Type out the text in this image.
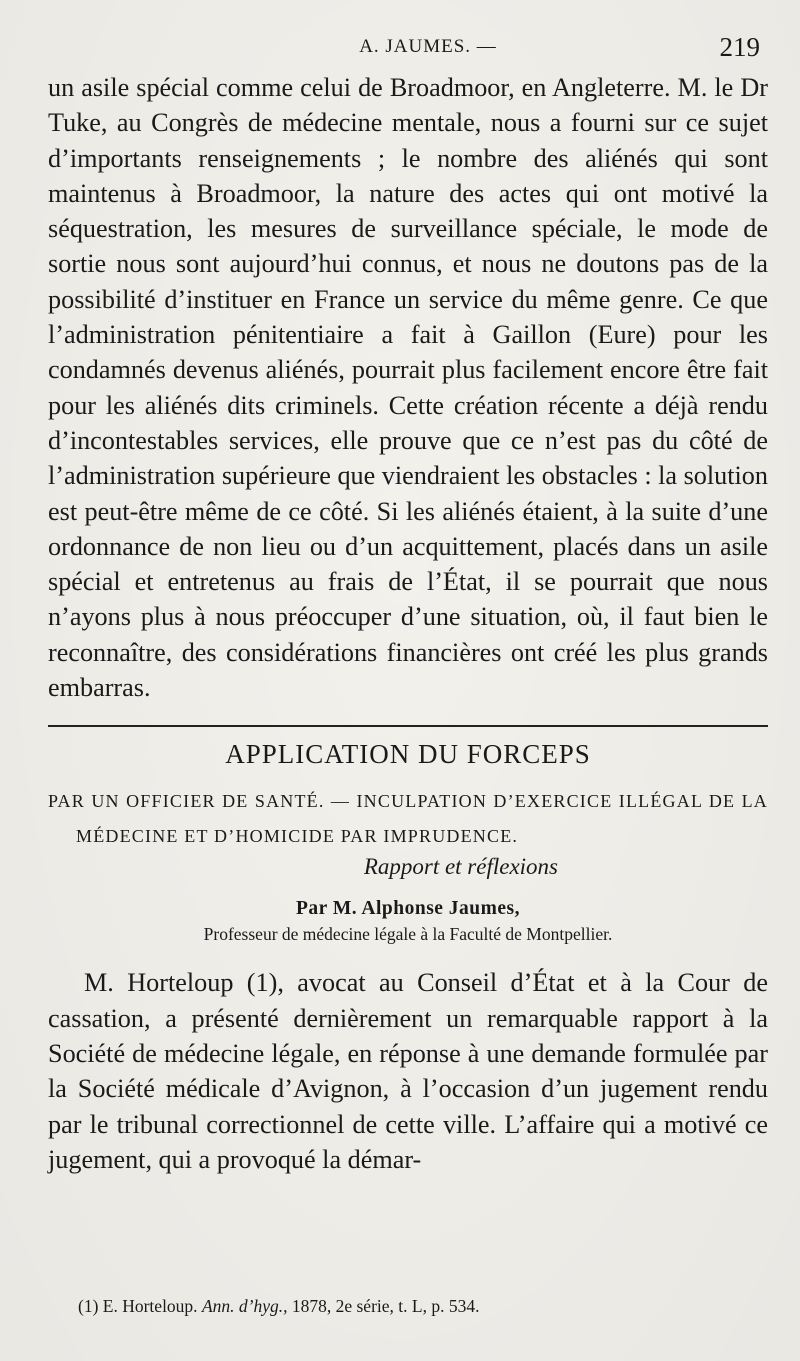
A. JAUMES. —	219

un asile spécial comme celui de Broadmoor, en Angleterre. M. le Dr Tuke, au Congrès de médecine mentale, nous a fourni sur ce sujet d’importants renseignements ; le nombre des aliénés qui sont maintenus à Broadmoor, la nature des actes qui ont motivé la séquestration, les mesures de surveillance spéciale, le mode de sortie nous sont aujourd’hui connus, et nous ne doutons pas de la possibilité d’instituer en France un service du même genre. Ce que l’administration pénitentiaire a fait à Gaillon (Eure) pour les condamnés devenus aliénés, pourrait plus facilement encore être fait pour les aliénés dits criminels. Cette création récente a déjà rendu d’incontestables services, elle prouve que ce n’est pas du côté de l’administration supérieure que viendraient les obstacles : la solution est peut-être même de ce côté. Si les aliénés étaient, à la suite d’une ordonnance de non lieu ou d’un acquittement, placés dans un asile spécial et entretenus au frais de l’État, il se pourrait que nous n’ayons plus à nous préoccuper d’une situation, où, il faut bien le reconnaître, des considérations financières ont créé les plus grands embarras.

APPLICATION DU FORCEPS

PAR UN OFFICIER DE SANTÉ. — INCULPATION D’EXERCICE ILLÉGAL DE LA MÉDECINE ET D’HOMICIDE PAR IMPRUDENCE.

Rapport et réflexions
Par M. Alphonse Jaumes,
Professeur de médecine légale à la Faculté de Montpellier.

M. Horteloup (1), avocat au Conseil d’État et à la Cour de cassation, a présenté dernièrement un remarquable rapport à la Société de médecine légale, en réponse à une demande formulée par la Société médicale d’Avignon, à l’occasion d’un jugement rendu par le tribunal correctionnel de cette ville. L’affaire qui a motivé ce jugement, qui a provoqué la démar-

(1) E. Horteloup. Ann. d’hyg., 1878, 2e série, t. L, p. 534.
